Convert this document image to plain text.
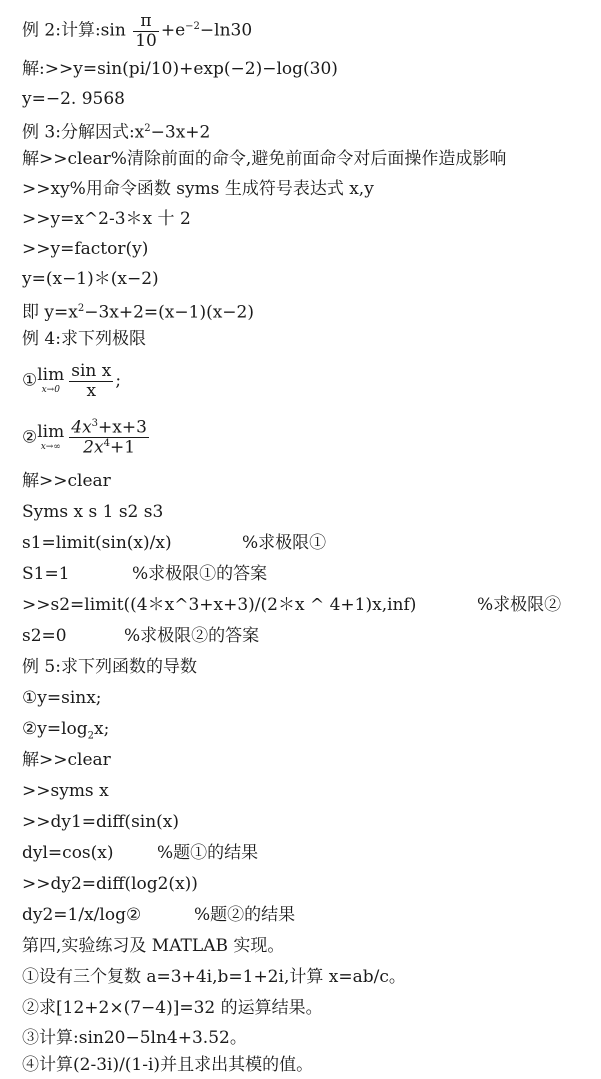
例 2:计算:sin $\frac{\pi}{10} +e^{-2}-\ln 30$
解:>>y=sin(pi/10)+exp(−2)−log(30)
y=−2. 9568
例 3:分解因式$:x^2-3x+2$
解>>clear%清除前面的命令,避免前面命令对后面操作造成影响
>>xy%用命令函数 syms 生成符号表达式 x,y
>>y=x^2-3＊x 十 2
>>y=factor(y)
y=(x−1)＊(x−2)
即 $y=x^2-3x+2=(x-1)(x-2)$
例 4:求下列极限
①lim
$x\to 0 \frac{\text{sin x}}{x}$ ;
②lim
$x\to\infty \frac{4x^3+x+3}{2x^4+1}$
解>>clear
Syms x s 1 s2 s3
s1=limit(sin(x)/x)	%求极限①
S1=1	%求极限①的答案
>>s2=limit((4＊x^3+x+3)/(2＊x ^ 4+1)x,inf)	%求极限②
s2=0	%求极限②的答案
例 5:求下列函数的导数
①y=sinx;
$②y=\log_2x$;
解>>clear
>>syms x
>>dy1=diff(sin(x)
dyl=cos(x)	%题①的结果
>>dy2=diff(log2(x))
dy2=1/x/log②	%题②的结果
第四,实验练习及 MATLAB 实现。
①设有三个复数 a=3+4i,b=1+2i,计算 x=ab/c。
②求[12+2×(7−4)]=32 的运算结果。
③计算:sin20−5ln4+3.52。
④计算(2-3i)/(1-i)并且求出其模的值。
